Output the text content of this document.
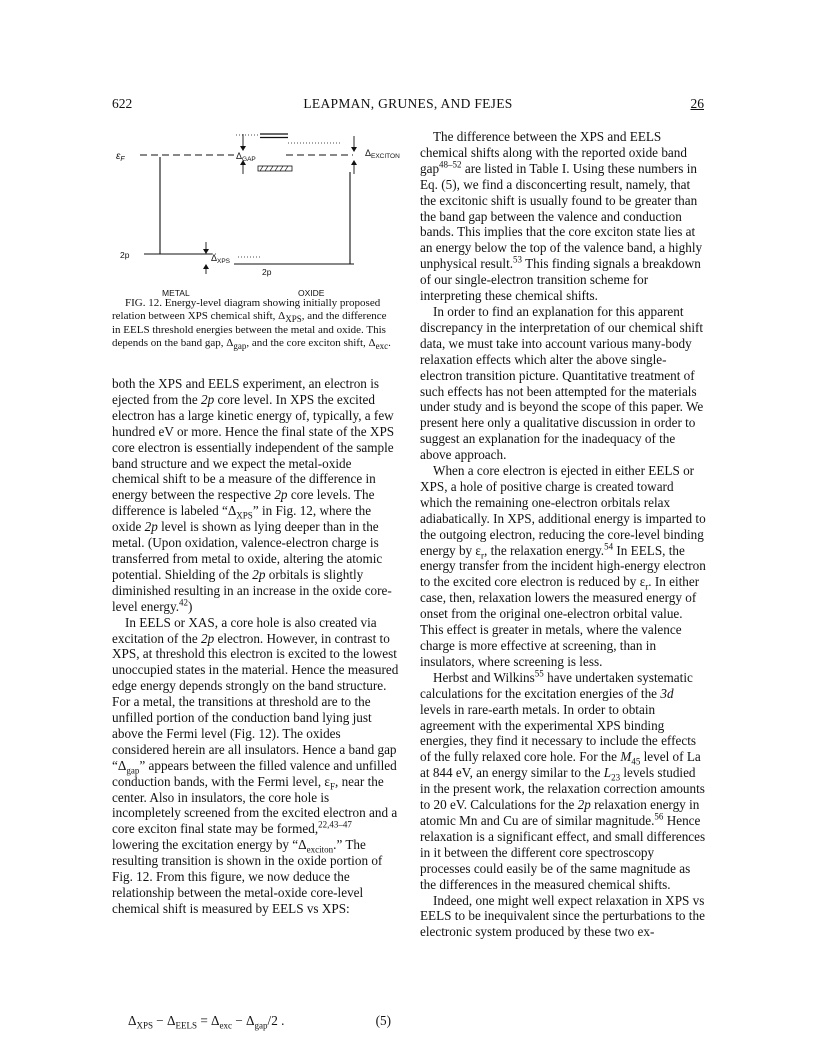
622	LEAPMAN, GRUNES, AND FEJES	26
$\varepsilon_F$
2p
$\Delta_{GAP}$
$\Delta_{EXCITON}$
2p
$\Delta_{XPS}$
METAL	OXIDE

FIG. 12. Energy-level diagram showing initially proposed relation between XPS chemical shift, $\Delta_{XPS}$, and the difference in EELS threshold energies between the metal and oxide. This depends on the band gap, $\Delta_{gap}$, and the core exciton shift, $\Delta_{exc}$.

both the XPS and EELS experiment, an electron is ejected from the 2p core level. In XPS the excited electron has a large kinetic energy of, typically, a few hundred eV or more. Hence the final state of the XPS core electron is essentially independent of the sample band structure and we expect the metal-oxide chemical shift to be a measure of the difference in energy between the respective 2p core levels. The difference is labeled “$\Delta_{XPS}$” in Fig. 12, where the oxide 2p level is shown as lying deeper than in the metal. (Upon oxidation, valence-electron charge is transferred from metal to oxide, altering the atomic potential. Shielding of the 2p orbitals is slightly diminished resulting in an increase in the oxide core-level energy.$^{42}$)

In EELS or XAS, a core hole is also created via excitation of the 2p electron. However, in contrast to XPS, at threshold this electron is excited to the lowest unoccupied states in the material. Hence the measured edge energy depends strongly on the band structure. For a metal, the transitions at threshold are to the unfilled portion of the conduction band lying just above the Fermi level (Fig. 12). The oxides considered herein are all insulators. Hence a band gap “$\Delta_{gap}$” appears between the filled valence and unfilled conduction bands, with the Fermi level, $\varepsilon_F$, near the center. Also in insulators, the core hole is incompletely screened from the excited electron and a core exciton final state may be formed,$^{22,43-47}$ lowering the excitation energy by “$\Delta_{exciton}$.” The resulting transition is shown in the oxide portion of Fig. 12. From this figure, we now deduce the relationship between the metal-oxide core-level chemical shift is measured by EELS vs XPS:

$\Delta_{XPS} - \Delta_{EELS} = \Delta_{exc} - \Delta_{gap}/2$ .	(5)

The difference between the XPS and EELS chemical shifts along with the reported oxide band gap$^{48-52}$ are listed in Table I. Using these numbers in Eq. (5), we find a disconcerting result, namely, that the excitonic shift is usually found to be greater than the band gap between the valence and conduction bands. This implies that the core exciton state lies at an energy below the top of the valence band, a highly unphysical result.$^{53}$ This finding signals a breakdown of our single-electron transition scheme for interpreting these chemical shifts.

In order to find an explanation for this apparent discrepancy in the interpretation of our chemical shift data, we must take into account various many-body relaxation effects which alter the above single-electron transition picture. Quantitative treatment of such effects has not been attempted for the materials under study and is beyond the scope of this paper. We present here only a qualitative discussion in order to suggest an explanation for the inadequacy of the above approach.

When a core electron is ejected in either EELS or XPS, a hole of positive charge is created toward which the remaining one-electron orbitals relax adiabatically. In XPS, additional energy is imparted to the outgoing electron, reducing the core-level binding energy by $\varepsilon_r$, the relaxation energy.$^{54}$ In EELS, the energy transfer from the incident high-energy electron to the excited core electron is reduced by $\varepsilon_r$. In either case, then, relaxation lowers the measured energy of onset from the original one-electron orbital value. This effect is greater in metals, where the valence charge is more effective at screening, than in insulators, where screening is less.

Herbst and Wilkins$^{55}$ have undertaken systematic calculations for the excitation energies of the 3d levels in rare-earth metals. In order to obtain agreement with the experimental XPS binding energies, they find it necessary to include the effects of the fully relaxed core hole. For the $M_{45}$ level of La at 844 eV, an energy similar to the $L_{23}$ levels studied in the present work, the relaxation correction amounts to 20 eV. Calculations for the 2p relaxation energy in atomic Mn and Cu are of similar magnitude.$^{56}$ Hence relaxation is a significant effect, and small differences in it between the different core spectroscopy processes could easily be of the same magnitude as the differences in the measured chemical shifts.

Indeed, one might well expect relaxation in XPS vs EELS to be inequivalent since the perturbations to the electronic system produced by these two ex-
